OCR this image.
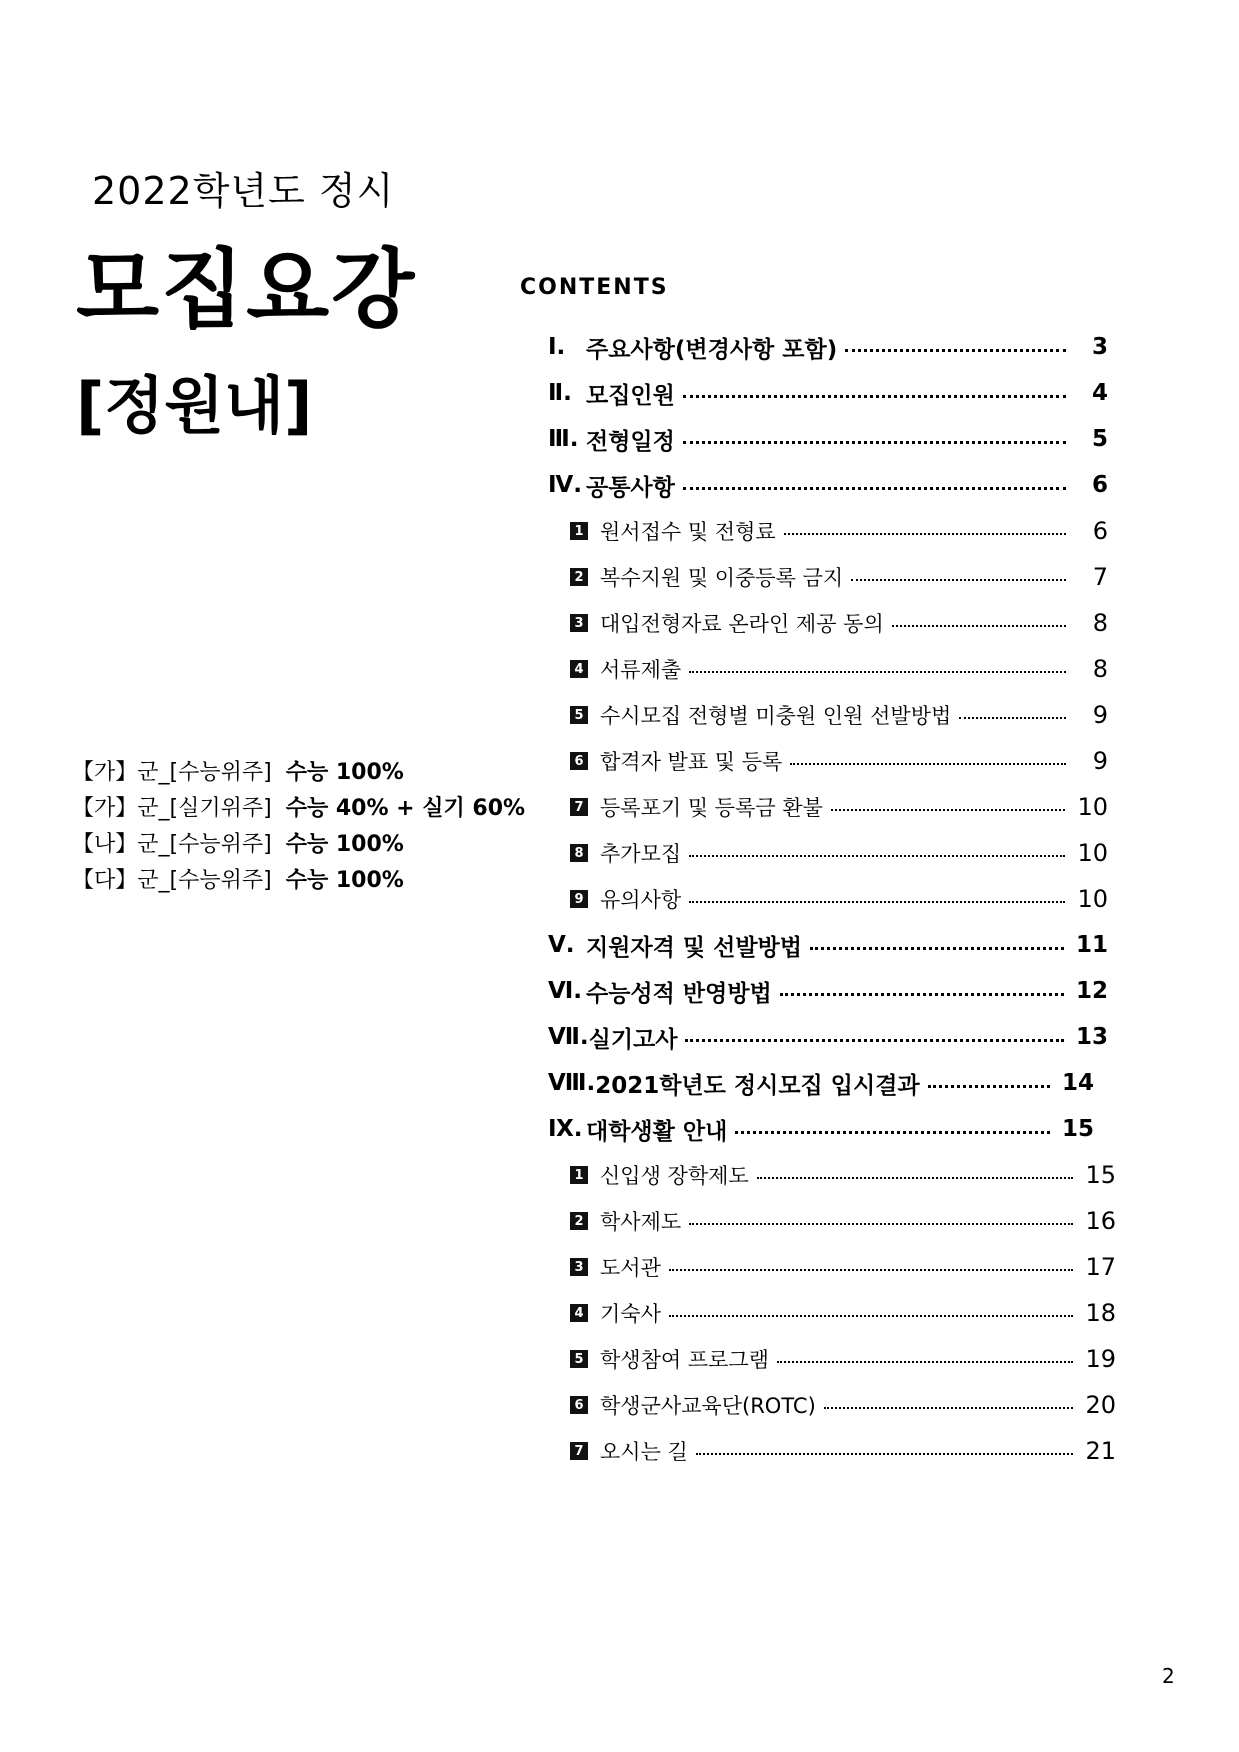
2022학년도 정시
모집요강
[정원내]
【가】군_[수능위주] 수능 100%
【가】군_[실기위주] 수능 40% + 실기 60%
【나】군_[수능위주] 수능 100%
【다】군_[수능위주] 수능 100%
CONTENTS
Ⅰ. 주요사항(변경사항 포함)	3
Ⅱ. 모집인원	4
Ⅲ. 전형일정	5
Ⅳ. 공통사항	6
1 원서접수 및 전형료	6
2 복수지원 및 이중등록 금지	7
3 대입전형자료 온라인 제공 동의	8
4 서류제출	8
5 수시모집 전형별 미충원 인원 선발방법	9
6 합격자 발표 및 등록	9
7 등록포기 및 등록금 환불	10
8 추가모집	10
9 유의사항	10
Ⅴ. 지원자격 및 선발방법	11
Ⅵ. 수능성적 반영방법	12
Ⅶ. 실기고사	13
Ⅷ. 2021학년도 정시모집 입시결과	14
Ⅸ. 대학생활 안내	15
1 신입생 장학제도	15
2 학사제도	16
3 도서관	17
4 기숙사	18
5 학생참여 프로그램	19
6 학생군사교육단(ROTC)	20
7 오시는 길	21
2
